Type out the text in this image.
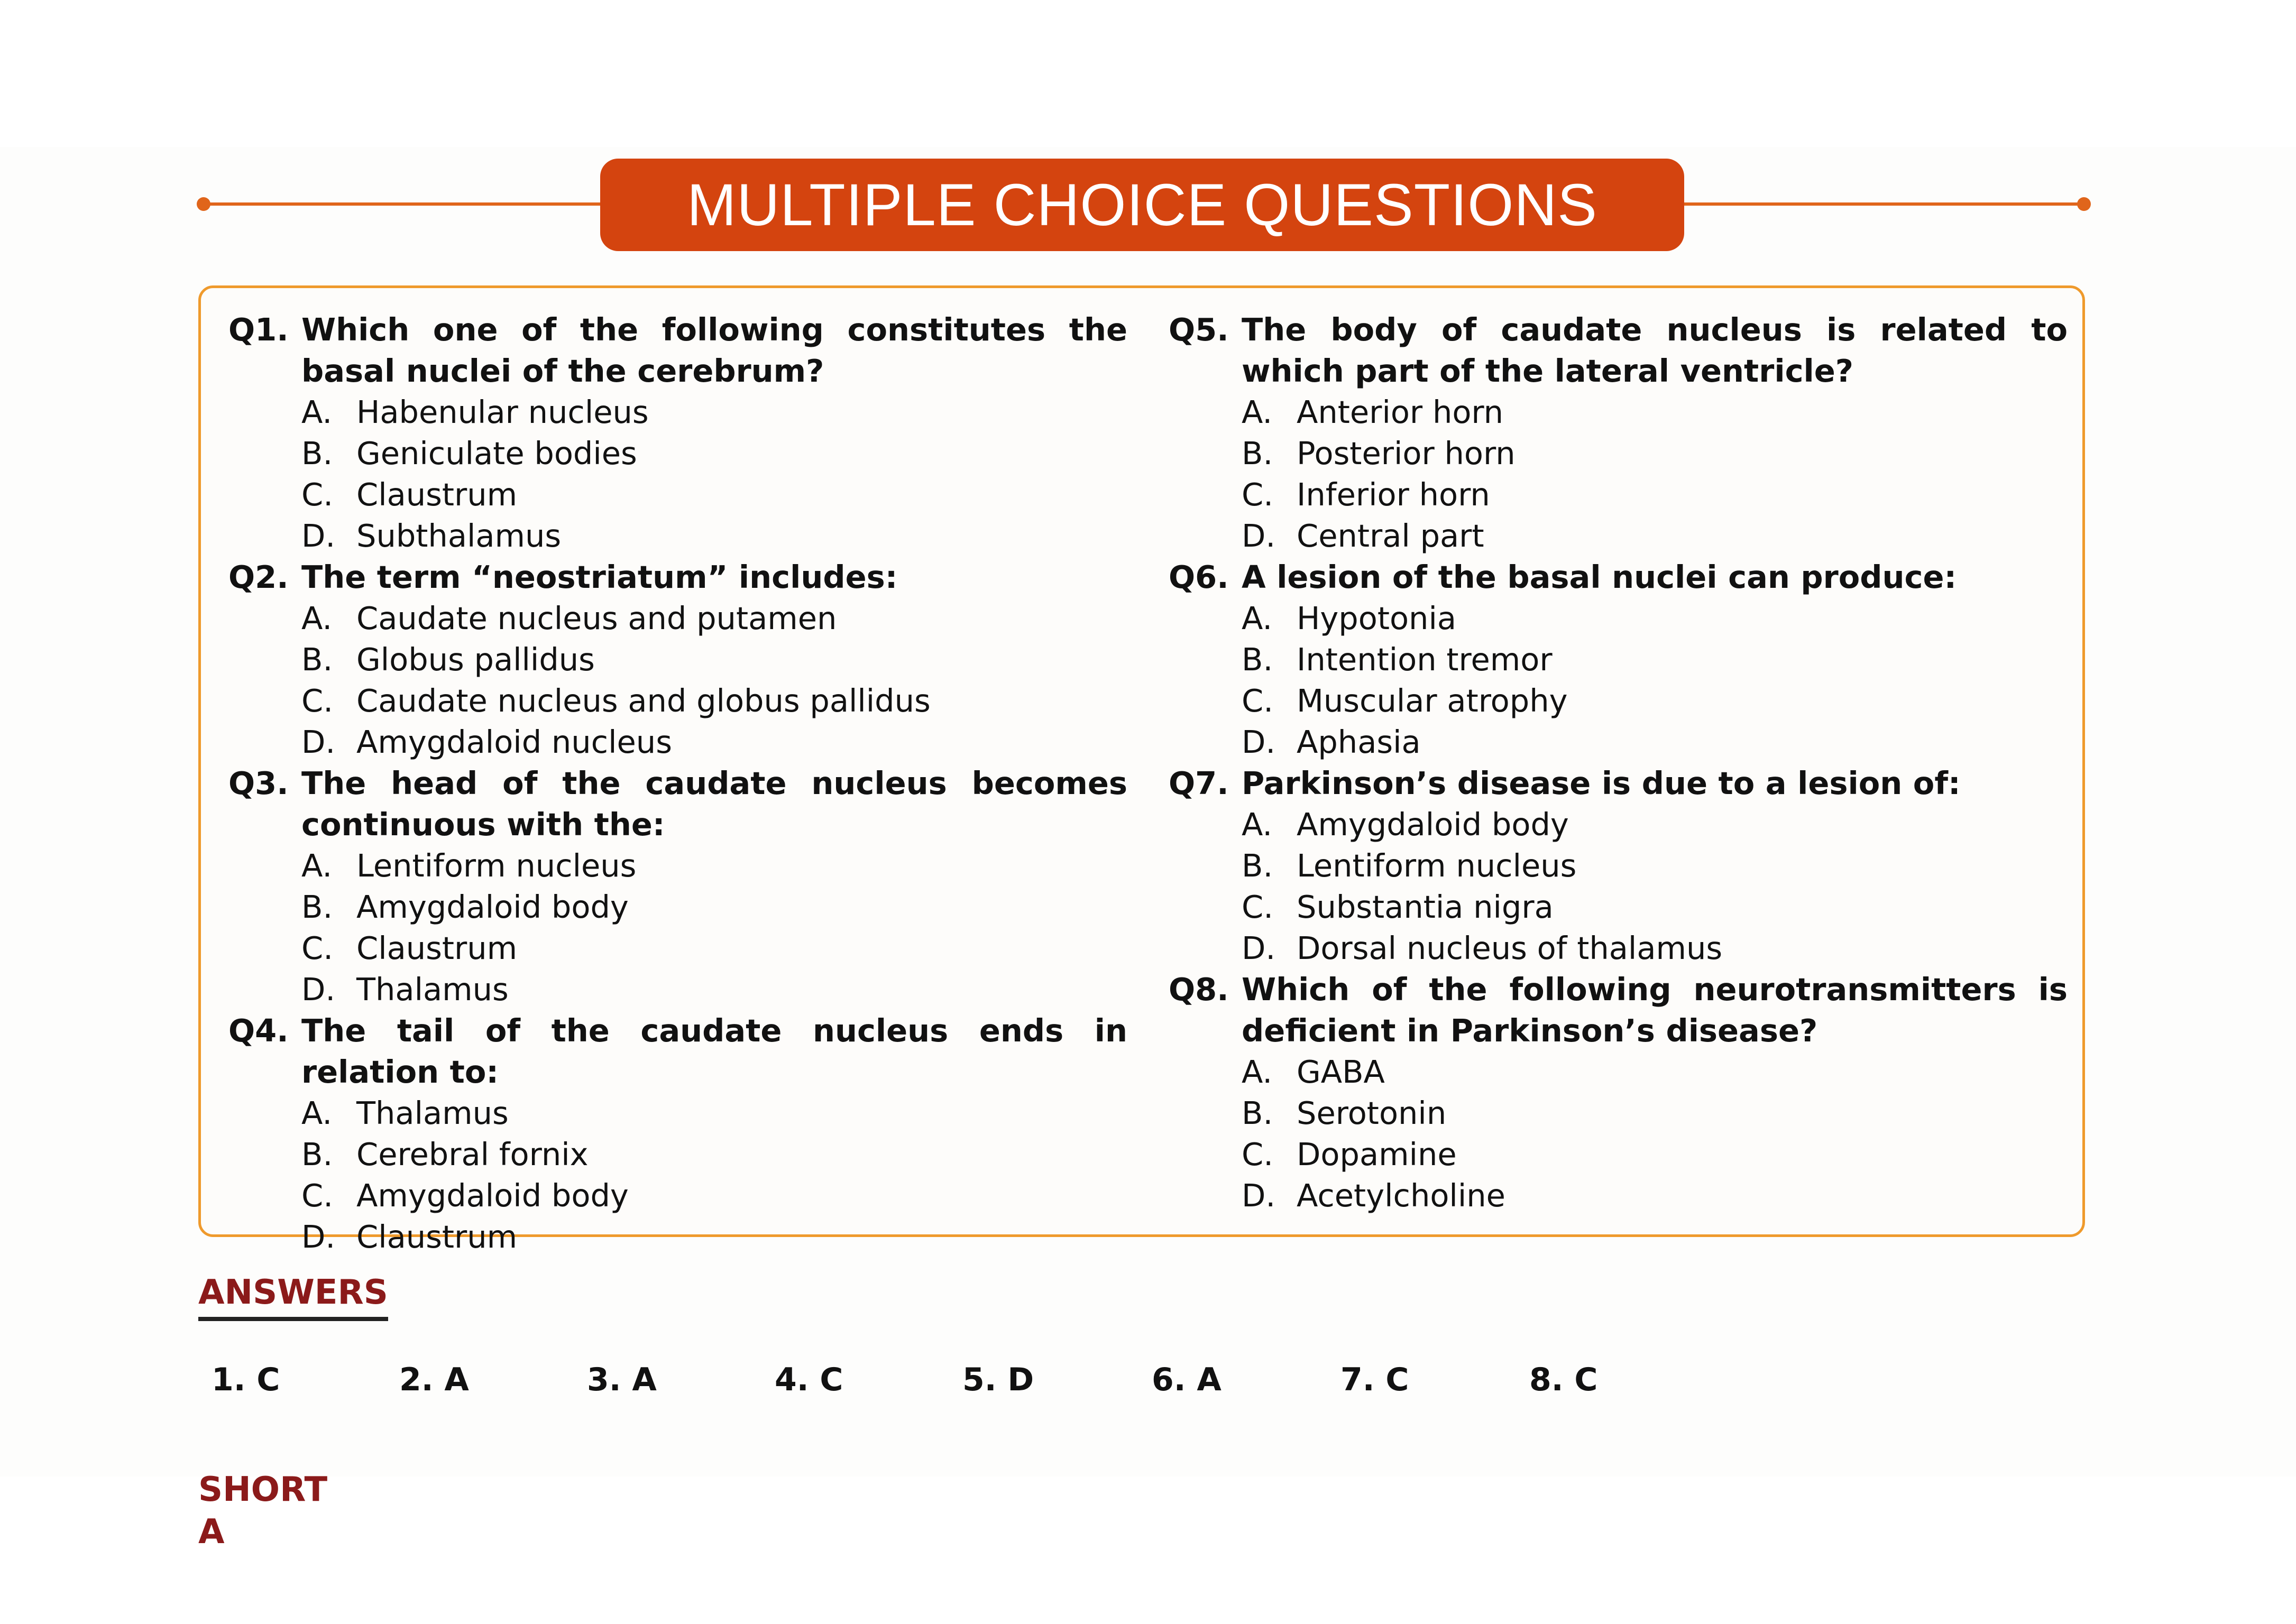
MULTIPLE CHOICE QUESTIONS
Q1. Which one of the following constitutes the basal nuclei of the cerebrum?
A. Habenular nucleus
B. Geniculate bodies
C. Claustrum
D. Subthalamus
Q2. The term “neostriatum” includes:
A. Caudate nucleus and putamen
B. Globus pallidus
C. Caudate nucleus and globus pallidus
D. Amygdaloid nucleus
Q3. The head of the caudate nucleus becomes continuous with the:
A. Lentiform nucleus
B. Amygdaloid body
C. Claustrum
D. Thalamus
Q4. The tail of the caudate nucleus ends in relation to:
A. Thalamus
B. Cerebral fornix
C. Amygdaloid body
D. Claustrum
Q5. The body of caudate nucleus is related to which part of the lateral ventricle?
A. Anterior horn
B. Posterior horn
C. Inferior horn
D. Central part
Q6. A lesion of the basal nuclei can produce:
A. Hypotonia
B. Intention tremor
C. Muscular atrophy
D. Aphasia
Q7. Parkinson’s disease is due to a lesion of:
A. Amygdaloid body
B. Lentiform nucleus
C. Substantia nigra
D. Dorsal nucleus of thalamus
Q8. Which of the following neurotransmitters is deficient in Parkinson’s disease?
A. GABA
B. Serotonin
C. Dopamine
D. Acetylcholine
ANSWERS
1. C	2. A	3. A	4. C	5. D	6. A	7. C	8. C
SHORT A
